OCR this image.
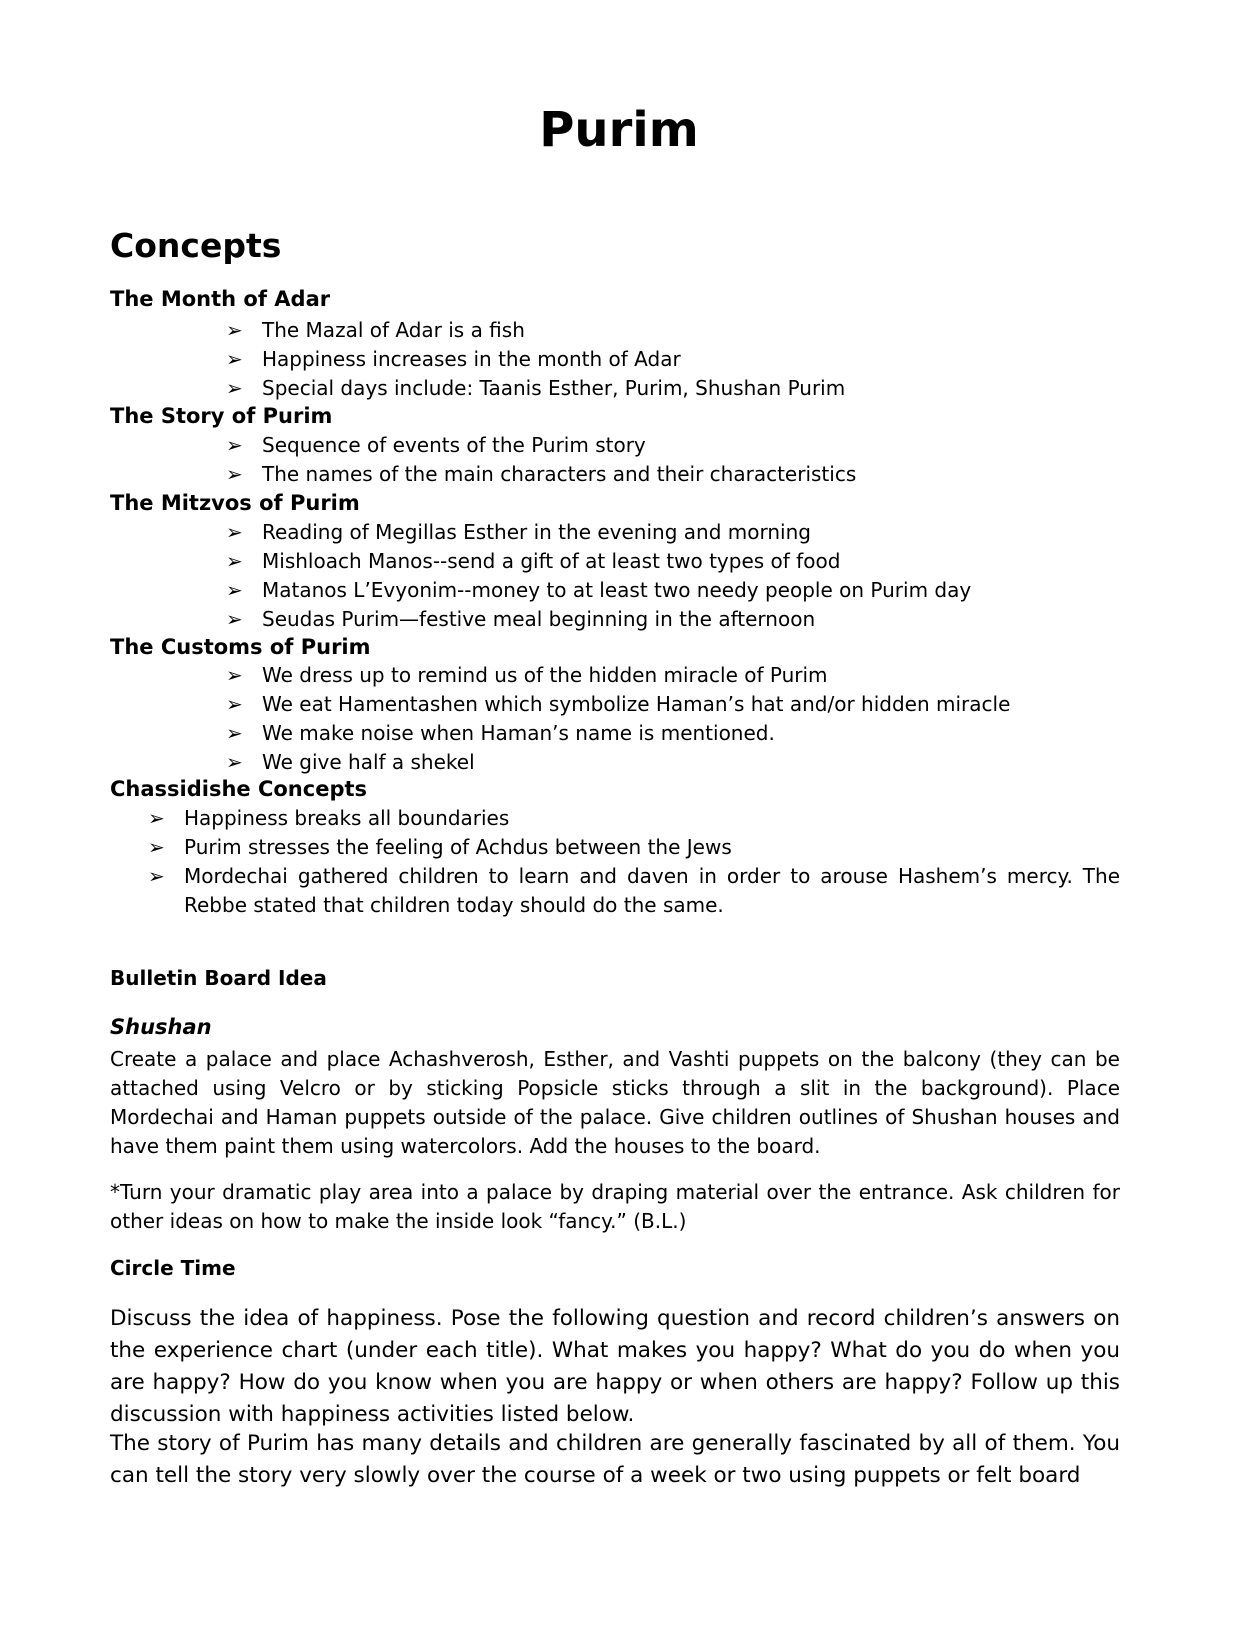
Purim
Concepts
The Month of Adar
➢ The Mazal of Adar is a fish
➢ Happiness increases in the month of Adar
➢ Special days include: Taanis Esther, Purim, Shushan Purim
The Story of Purim
➢ Sequence of events of the Purim story
➢ The names of the main characters and their characteristics
The Mitzvos of Purim
➢ Reading of Megillas Esther in the evening and morning
➢ Mishloach Manos--send a gift of at least two types of food
➢ Matanos L’Evyonim--money to at least two needy people on Purim day
➢ Seudas Purim—festive meal beginning in the afternoon
The Customs of Purim
➢ We dress up to remind us of the hidden miracle of Purim
➢ We eat Hamentashen which symbolize Haman’s hat and/or hidden miracle
➢ We make noise when Haman’s name is mentioned.
➢ We give half a shekel
Chassidishe Concepts
➢ Happiness breaks all boundaries
➢ Purim stresses the feeling of Achdus between the Jews
➢ Mordechai gathered children to learn and daven in order to arouse Hashem’s mercy. The Rebbe stated that children today should do the same.
Bulletin Board Idea
Shushan

Create a palace and place Achashverosh, Esther, and Vashti puppets on the balcony (they can be attached using Velcro or by sticking Popsicle sticks through a slit in the background). Place Mordechai and Haman puppets outside of the palace. Give children outlines of Shushan houses and have them paint them using watercolors. Add the houses to the board.

*Turn your dramatic play area into a palace by draping material over the entrance. Ask children for other ideas on how to make the inside look “fancy.” (B.L.)

Circle Time

Discuss the idea of happiness. Pose the following question and record children’s answers on the experience chart (under each title). What makes you happy? What do you do when you are happy? How do you know when you are happy or when others are happy? Follow up this discussion with happiness activities listed below.

The story of Purim has many details and children are generally fascinated by all of them. You can tell the story very slowly over the course of a week or two using puppets or felt board
